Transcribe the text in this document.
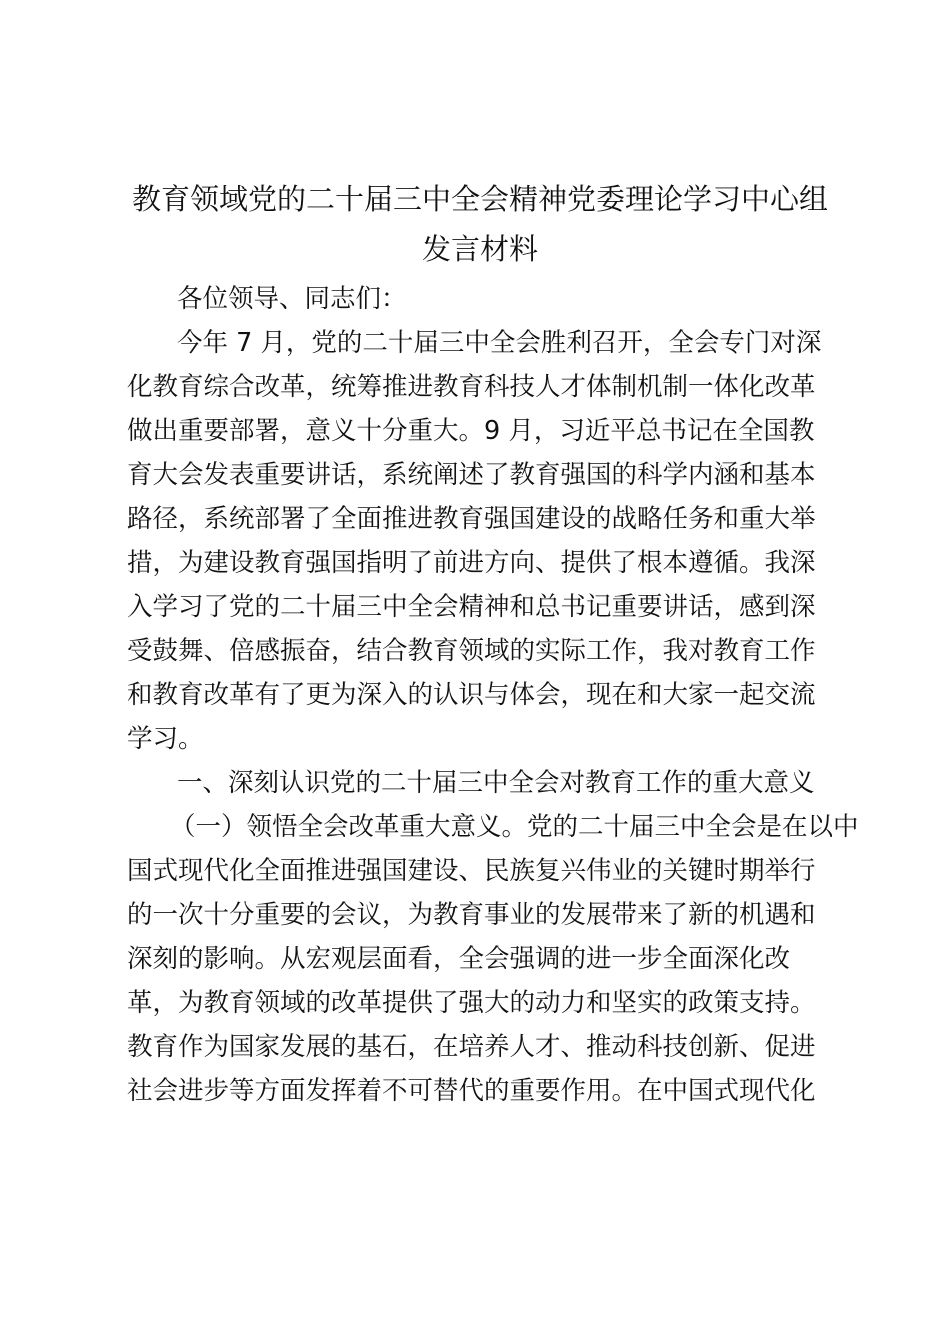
教育领域党的二十届三中全会精神党委理论学习中心组
发言材料
各位领导、同志们：
今年 7 月，党的二十届三中全会胜利召开，全会专门对深
化教育综合改革，统筹推进教育科技人才体制机制一体化改革
做出重要部署，意义十分重大。9 月，习近平总书记在全国教
育大会发表重要讲话，系统阐述了教育强国的科学内涵和基本
路径，系统部署了全面推进教育强国建设的战略任务和重大举
措，为建设教育强国指明了前进方向、提供了根本遵循。我深
入学习了党的二十届三中全会精神和总书记重要讲话，感到深
受鼓舞、倍感振奋，结合教育领域的实际工作，我对教育工作
和教育改革有了更为深入的认识与体会，现在和大家一起交流
学习。
一、深刻认识党的二十届三中全会对教育工作的重大意义
（一）领悟全会改革重大意义。党的二十届三中全会是在以中
国式现代化全面推进强国建设、民族复兴伟业的关键时期举行
的一次十分重要的会议，为教育事业的发展带来了新的机遇和
深刻的影响。从宏观层面看，全会强调的进一步全面深化改
革，为教育领域的改革提供了强大的动力和坚实的政策支持。
教育作为国家发展的基石，在培养人才、推动科技创新、促进
社会进步等方面发挥着不可替代的重要作用。在中国式现代化
